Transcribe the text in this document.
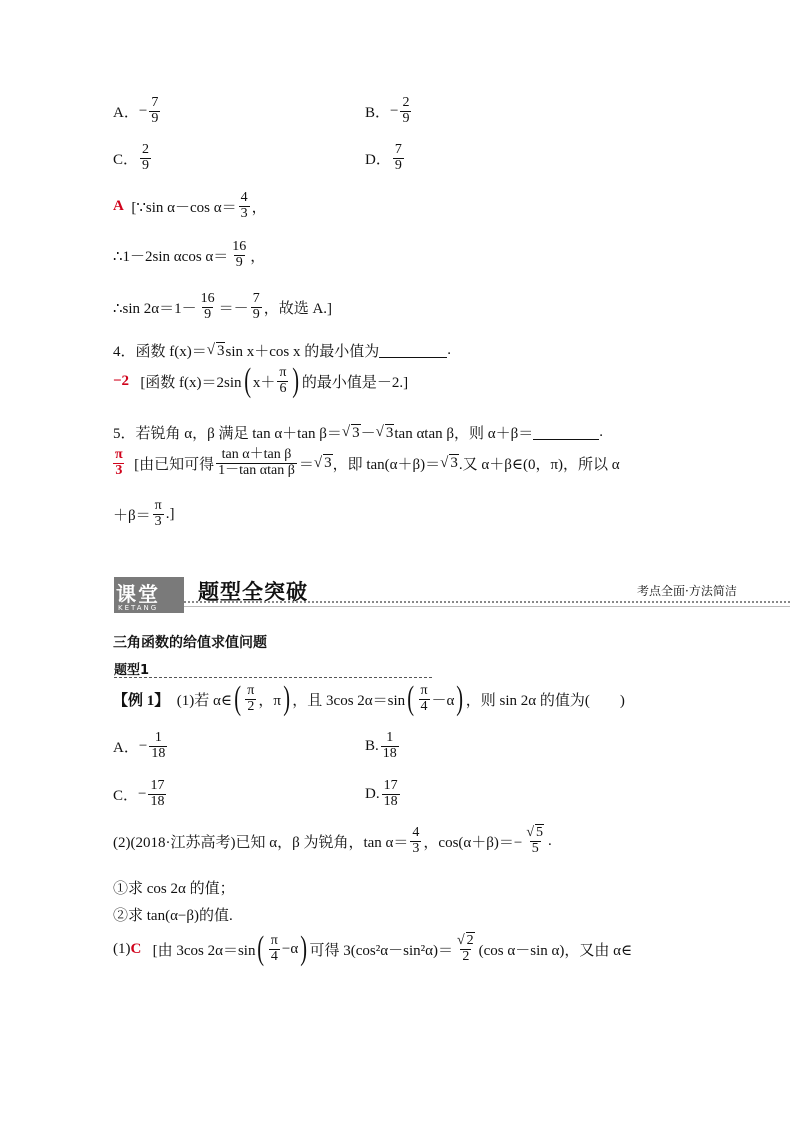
A． − $\frac{7}{9}$	B． − $\frac{2}{9}$
C． $\frac{2}{9}$	D． $\frac{7}{9}$
A
[∵sin α－cos $\alpha= \frac{4}{3}$ ，
∴1－2sin αcos $\alpha= \frac{16}{9}$ ，
∴sin $2\alpha=1- \frac{16}{9} =- \frac{7}{9}$ ，故选 A.]
4．函数 f(x)＝ √ 3 sin x＋cos x 的最小值为	.
−2
[函数 f(x)＝2sin ( $x+ \frac{\pi}{6}$ ) 的最小值是－2.]
5．若锐角 α，β 满足 tan α＋tan β＝ √ 3 － √ 3 tan αtan β，则 α＋β＝	.
$\frac{\pi}{3}$
[由已知可得 $\frac{\text{tan α＋tan β}}{\text{1－tan αtan β}}$ ＝ √ 3 ，即 tan(α＋β)＝ √ 3 .又 α＋β∈(0，π)，所以 α
$+\beta= \frac{\pi}{3}$ .]
课堂
KETANG
题型全突破	考点全面·方法简洁
三角函数的给值求值问题
题型1
【例 1】
(1)若 α∈ ( $\frac{\pi}{2}$ ，π ) ，且 3cos 2α＝sin ( $\frac{\pi}{4} -\alpha$ ) ，则 sin 2α 的值为(　　)
A． − $\frac{1}{18}$	B. $\frac{1}{18}$
C． − $\frac{17}{18}$	D. $\frac{17}{18}$
(2)(2018·江苏高考)已知 α，β 为锐角，$\tan \alpha= \frac{4}{3}$ ，$\cos(\alpha+\beta)=- \frac{√ 5}{5}$ .
①求 cos 2α 的值；
②求 tan(α−β)的值.
(1) C
[由 3cos 2α＝sin ( $\frac{\pi}{4} -\alpha$ ) 可得 $3(\cos^2\alpha-\sin^2\alpha)= \frac{√ 2}{2} (\cos$ α－sin α)，又由 α∈
